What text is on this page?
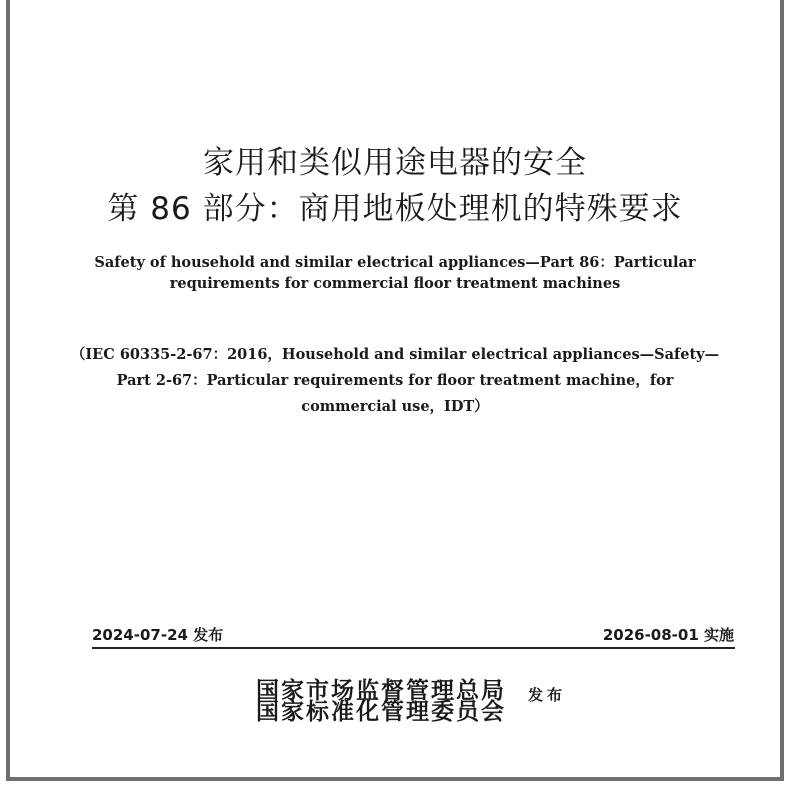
家用和类似用途电器的安全
第 86 部分：商用地板处理机的特殊要求
Safety of household and similar electrical appliances—Part 86：Particular
requirements for commercial floor treatment machines
（IEC 60335-2-67：2016，Household and similar electrical appliances—Safety—
Part 2-67：Particular requirements for floor treatment machine，for
commercial use，IDT）
2024-07-24 发布	2026-08-01 实施
国家市场监督管理总局
国家标准化管理委员会
发布
